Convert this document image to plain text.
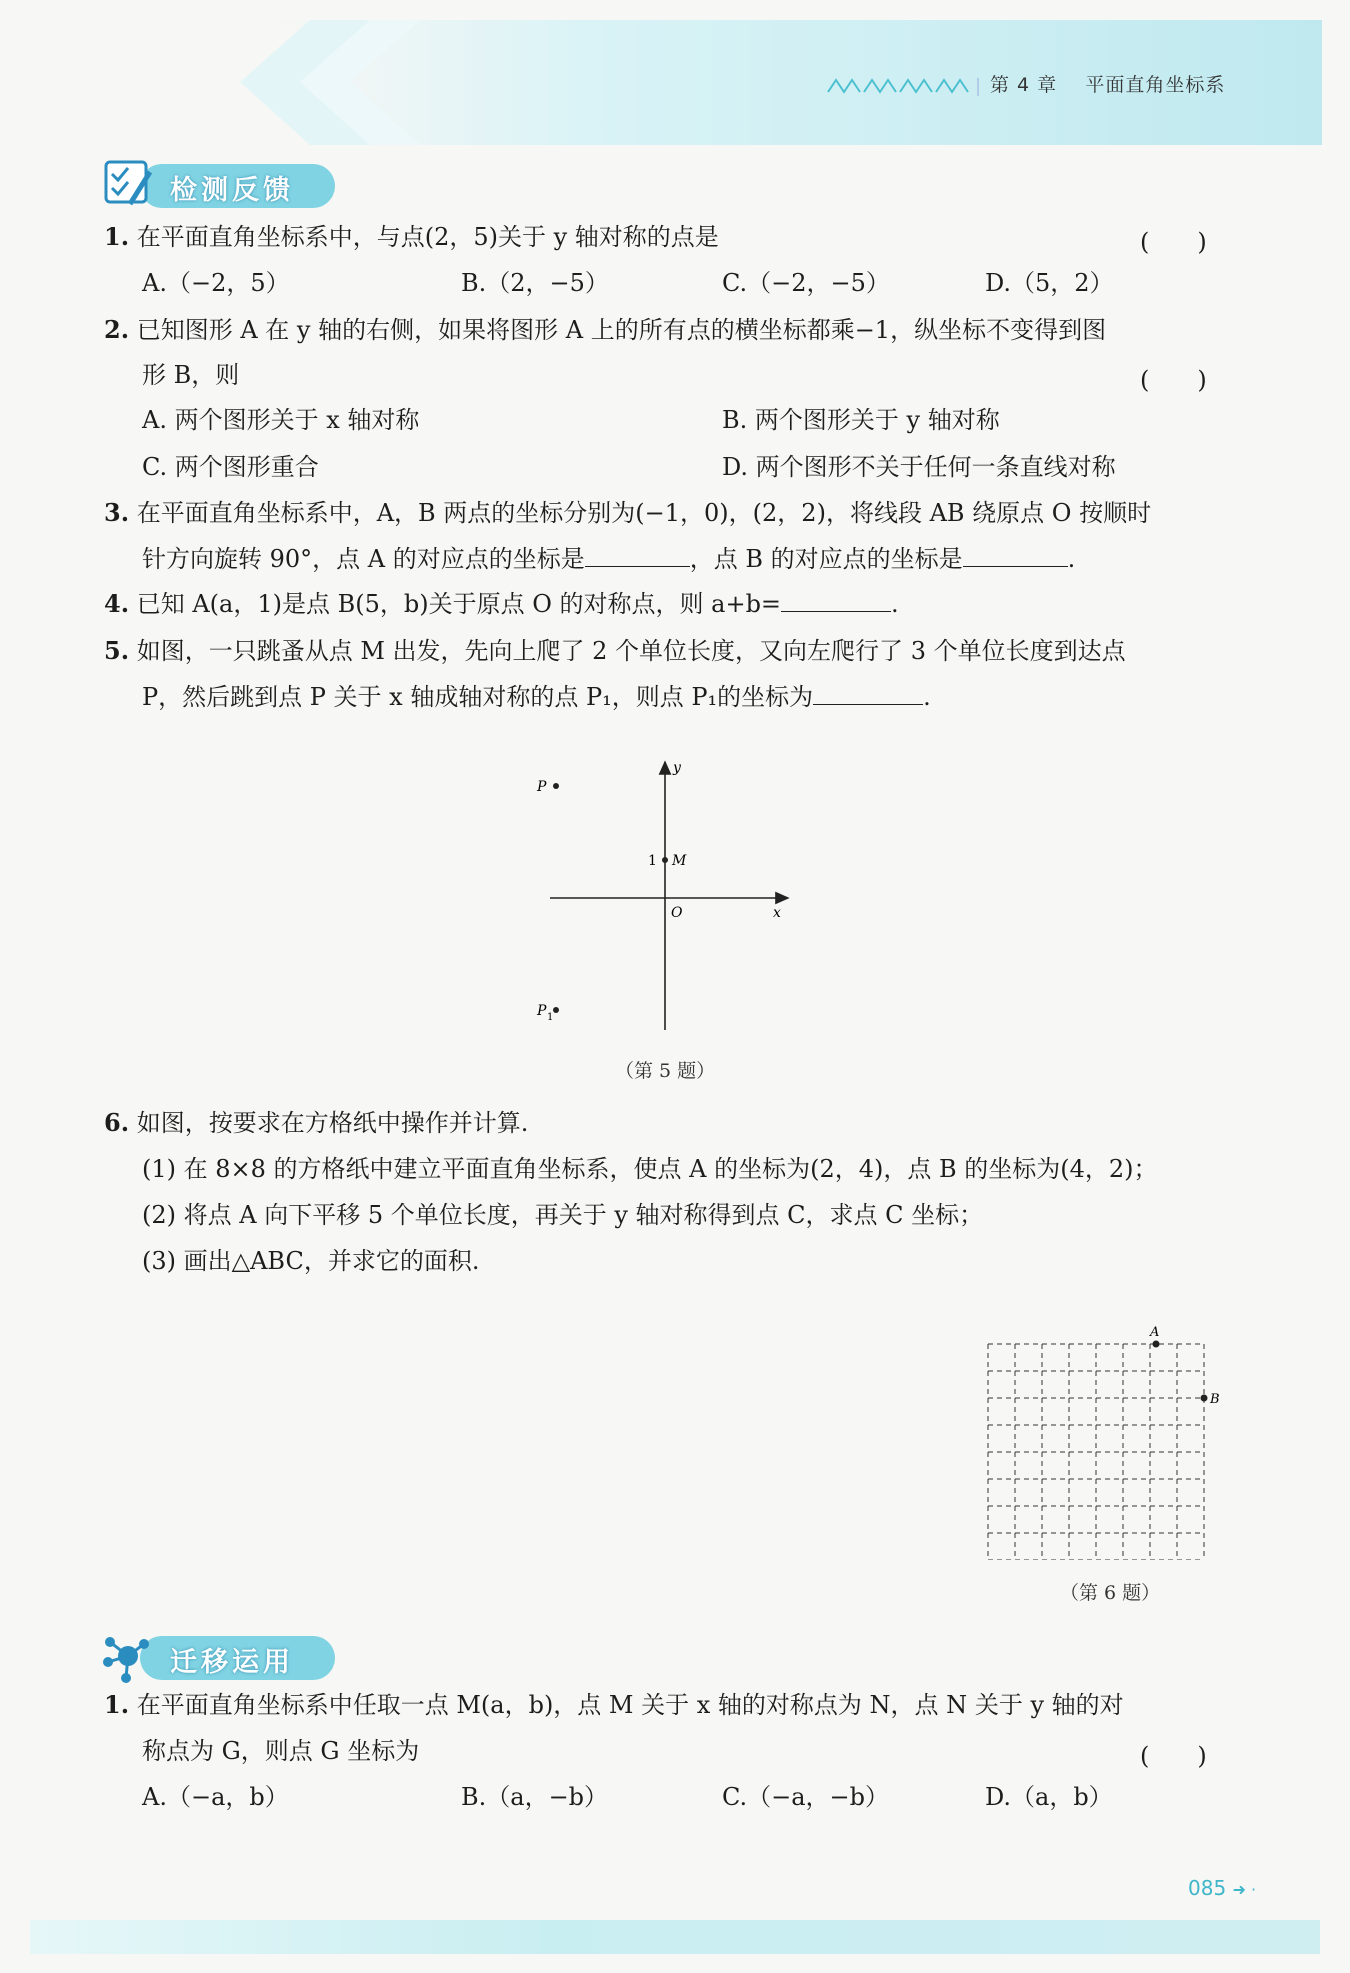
第 4 章 平面直角坐标系
检测反馈
1. 在平面直角坐标系中，与点(2，5)关于 y 轴对称的点是	(　　)
A.（−2，5）	B.（2，−5）	C.（−2，−5）	D.（5，2）
2. 已知图形 A 在 y 轴的右侧，如果将图形 A 上的所有点的横坐标都乘−1，纵坐标不变得到图
形 B，则	(　　)
A. 两个图形关于 x 轴对称	B. 两个图形关于 y 轴对称
C. 两个图形重合	D. 两个图形不关于任何一条直线对称
3. 在平面直角坐标系中，A，B 两点的坐标分别为(−1，0)，(2，2)，将线段 AB 绕原点 O 按顺时
针方向旋转 90°，点 A 的对应点的坐标是	，点 B 的对应点的坐标是	.
4. 已知 A(a，1)是点 B(5，b)关于原点 O 的对称点，则 a+b=	.
5. 如图，一只跳蚤从点 M 出发，先向上爬了 2 个单位长度，又向左爬行了 3 个单位长度到达点
P，然后跳到点 P 关于 x 轴成轴对称的点 P₁，则点 P₁的坐标为	.
y
x
O
1 M
P
P 1
（第 5 题）
6. 如图，按要求在方格纸中操作并计算.
(1) 在 8×8 的方格纸中建立平面直角坐标系，使点 A 的坐标为(2，4)，点 B 的坐标为(4，2)；
(2) 将点 A 向下平移 5 个单位长度，再关于 y 轴对称得到点 C，求点 C 坐标；
(3) 画出△ABC，并求它的面积.
A
B
（第 6 题）
迁移运用
1. 在平面直角坐标系中任取一点 M(a，b)，点 M 关于 x 轴的对称点为 N，点 N 关于 y 轴的对
称点为 G，则点 G 坐标为	(　　)
A.（−a，b）	B.（a，−b）	C.（−a，−b）	D.（a，b）
085 ➜ ·
